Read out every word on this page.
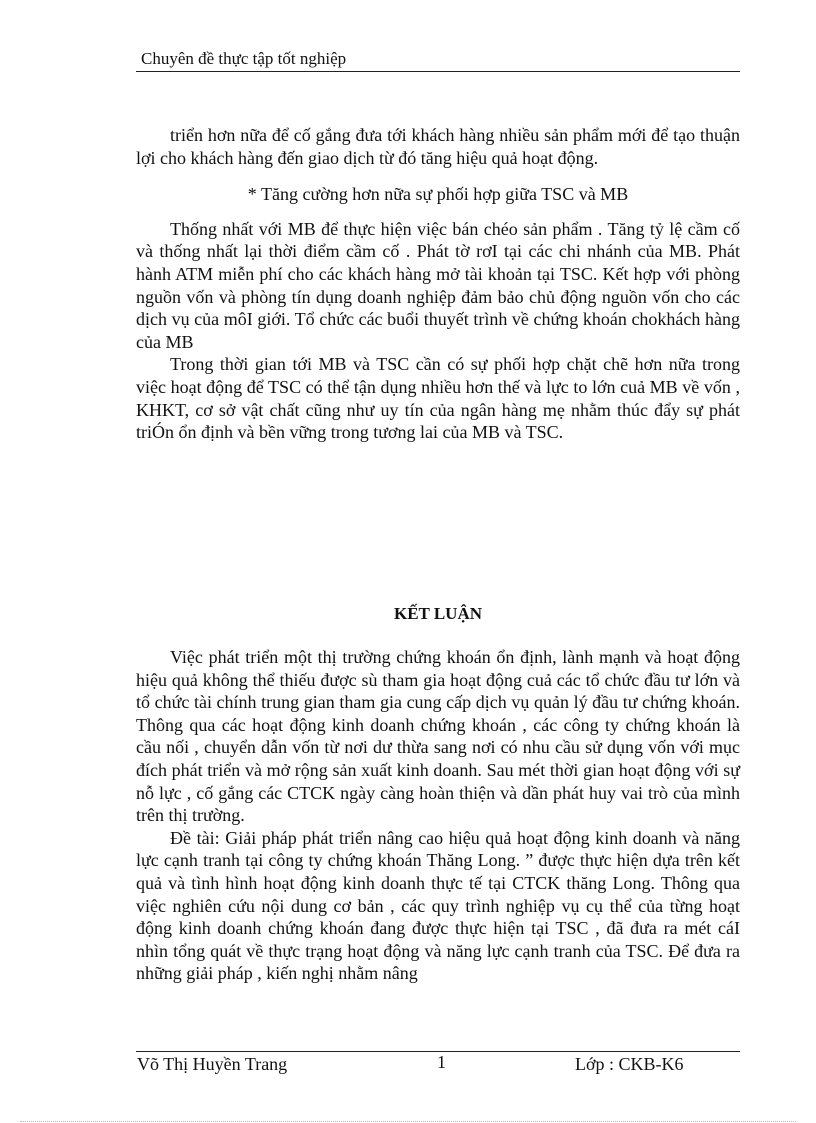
Chuyên đề thực tập tốt nghiệp

triển hơn nữa để cố gắng đưa tới khách hàng nhiều sản phẩm mới để tạo thuận lợi cho khách hàng đến giao dịch từ đó tăng hiệu quả hoạt động.

* Tăng cường hơn nữa sự phối hợp giữa TSC và MB

Thống nhất với MB để thực hiện việc bán chéo sản phẩm . Tăng tỷ lệ cầm cố và thống nhất lại thời điểm cầm cố . Phát tờ rơI tại các chi nhánh của MB. Phát hành ATM miễn phí cho các khách hàng mở tài khoản tại TSC. Kết hợp với phòng nguồn vốn và phòng tín dụng doanh nghiệp đảm bảo chủ động nguồn vốn cho các dịch vụ của môI giới. Tổ chức các buổi thuyết trình về chứng khoán chokhách hàng của MB

Trong thời gian tới MB và TSC cần có sự phối hợp chặt chẽ hơn nữa trong việc hoạt động để TSC có thể tận dụng nhiều hơn thế và lực to lớn cuả MB về vốn , KHKT, cơ sở vật chất cũng như uy tín của ngân hàng mẹ nhằm thúc đẩy sự phát triÓn ổn định và bền vững trong tương lai của MB và TSC.

KẾT LUẬN

Việc phát triển một thị trường chứng khoán ổn định, lành mạnh và hoạt động hiệu quả không thể thiếu được sù tham gia hoạt động cuả các tổ chức đầu tư lớn và tổ chức tài chính trung gian tham gia cung cấp dịch vụ quản lý đầu tư chứng khoán. Thông qua các hoạt động kinh doanh chứng khoán , các công ty chứng khoán là cầu nối , chuyển dẫn vốn từ nơi dư thừa sang nơi có nhu cầu sử dụng vốn với mục đích phát triển và mở rộng sản xuất kinh doanh. Sau mét thời gian hoạt động với sự nỗ lực , cố gắng các CTCK ngày càng hoàn thiện và dần phát huy vai trò của mình trên thị trường.

Đề tài: Giải pháp phát triển nâng cao hiệu quả hoạt động kinh doanh và năng lực cạnh tranh tại công ty chứng khoán Thăng Long. ” được thực hiện dựa trên kết quả và tình hình hoạt động kinh doanh thực tế tại CTCK thăng Long. Thông qua việc nghiên cứu nội dung cơ bản , các quy trình nghiệp vụ cụ thể của từng hoạt động kinh doanh chứng khoán đang được thực hiện tại TSC , đã đưa ra mét cáI nhìn tổng quát về thực trạng hoạt động và năng lực cạnh tranh của TSC. Để đưa ra những giải pháp , kiến nghị nhằm nâng

Võ Thị Huyền Trang	1	Lớp : CKB-K6
